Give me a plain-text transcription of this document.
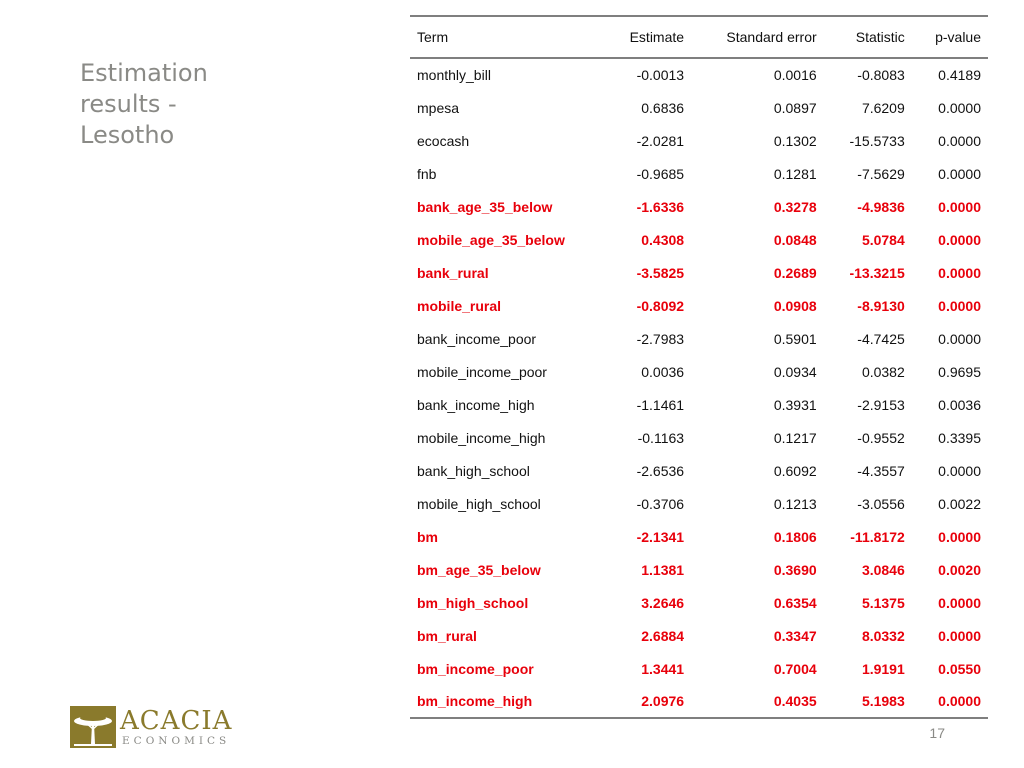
Estimation results - Lesotho
Term	Estimate	Standard error	Statistic	p-value
monthly_bill	-0.0013	0.0016	-0.8083	0.4189
mpesa	0.6836	0.0897	7.6209	0.0000
ecocash	-2.0281	0.1302	-15.5733	0.0000
fnb	-0.9685	0.1281	-7.5629	0.0000
bank_age_35_below	-1.6336	0.3278	-4.9836	0.0000
mobile_age_35_below	0.4308	0.0848	5.0784	0.0000
bank_rural	-3.5825	0.2689	-13.3215	0.0000
mobile_rural	-0.8092	0.0908	-8.9130	0.0000
bank_income_poor	-2.7983	0.5901	-4.7425	0.0000
mobile_income_poor	0.0036	0.0934	0.0382	0.9695
bank_income_high	-1.1461	0.3931	-2.9153	0.0036
mobile_income_high	-0.1163	0.1217	-0.9552	0.3395
bank_high_school	-2.6536	0.6092	-4.3557	0.0000
mobile_high_school	-0.3706	0.1213	-3.0556	0.0022
bm	-2.1341	0.1806	-11.8172	0.0000
bm_age_35_below	1.1381	0.3690	3.0846	0.0020
bm_high_school	3.2646	0.6354	5.1375	0.0000
bm_rural	2.6884	0.3347	8.0332	0.0000
bm_income_poor	1.3441	0.7004	1.9191	0.0550
bm_income_high	2.0976	0.4035	5.1983	0.0000
ACACIA
ECONOMICS	17
